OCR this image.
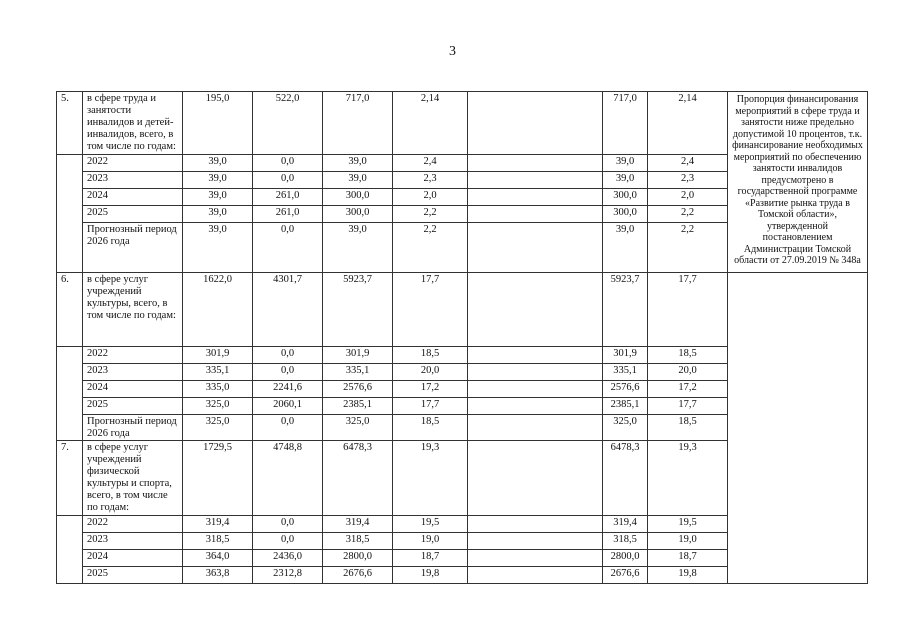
3
5.	в сфере труда и занятости инвалидов и детей-инвалидов, всего, в том числе по годам:	195,0	522,0	717,0	2,14		717,0	2,14	Пропорция финансирования мероприятий в сфере труда и занятости ниже предельно допустимой 10 процентов, т.к. финансирование необходимых мероприятий по обеспечению занятости инвалидов предусмотрено в государственной программе «Развитие рынка труда в Томской области», утвержденной постановлением Администрации Томской области от 27.09.2019 № 348а
	2022	39,0	0,0	39,0	2,4		39,0	2,4	
	2023	39,0	0,0	39,0	2,3		39,0	2,3	
	2024	39,0	261,0	300,0	2,0		300,0	2,0	
	2025	39,0	261,0	300,0	2,2		300,0	2,2	
	Прогнозный период 2026 года	39,0	0,0	39,0	2,2		39,0	2,2	
6.	в сфере услуг учреждений культуры, всего, в том числе по годам:	1622,0	4301,7	5923,7	17,7		5923,7	17,7	
	2022	301,9	0,0	301,9	18,5		301,9	18,5	
	2023	335,1	0,0	335,1	20,0		335,1	20,0	
	2024	335,0	2241,6	2576,6	17,2		2576,6	17,2	
	2025	325,0	2060,1	2385,1	17,7		2385,1	17,7	
	Прогнозный период 2026 года	325,0	0,0	325,0	18,5		325,0	18,5	
7.	в сфере услуг учреждений физической культуры и спорта, всего, в том числе по годам:	1729,5	4748,8	6478,3	19,3		6478,3	19,3	
	2022	319,4	0,0	319,4	19,5		319,4	19,5	
	2023	318,5	0,0	318,5	19,0		318,5	19,0	
	2024	364,0	2436,0	2800,0	18,7		2800,0	18,7	
	2025	363,8	2312,8	2676,6	19,8		2676,6	19,8	
